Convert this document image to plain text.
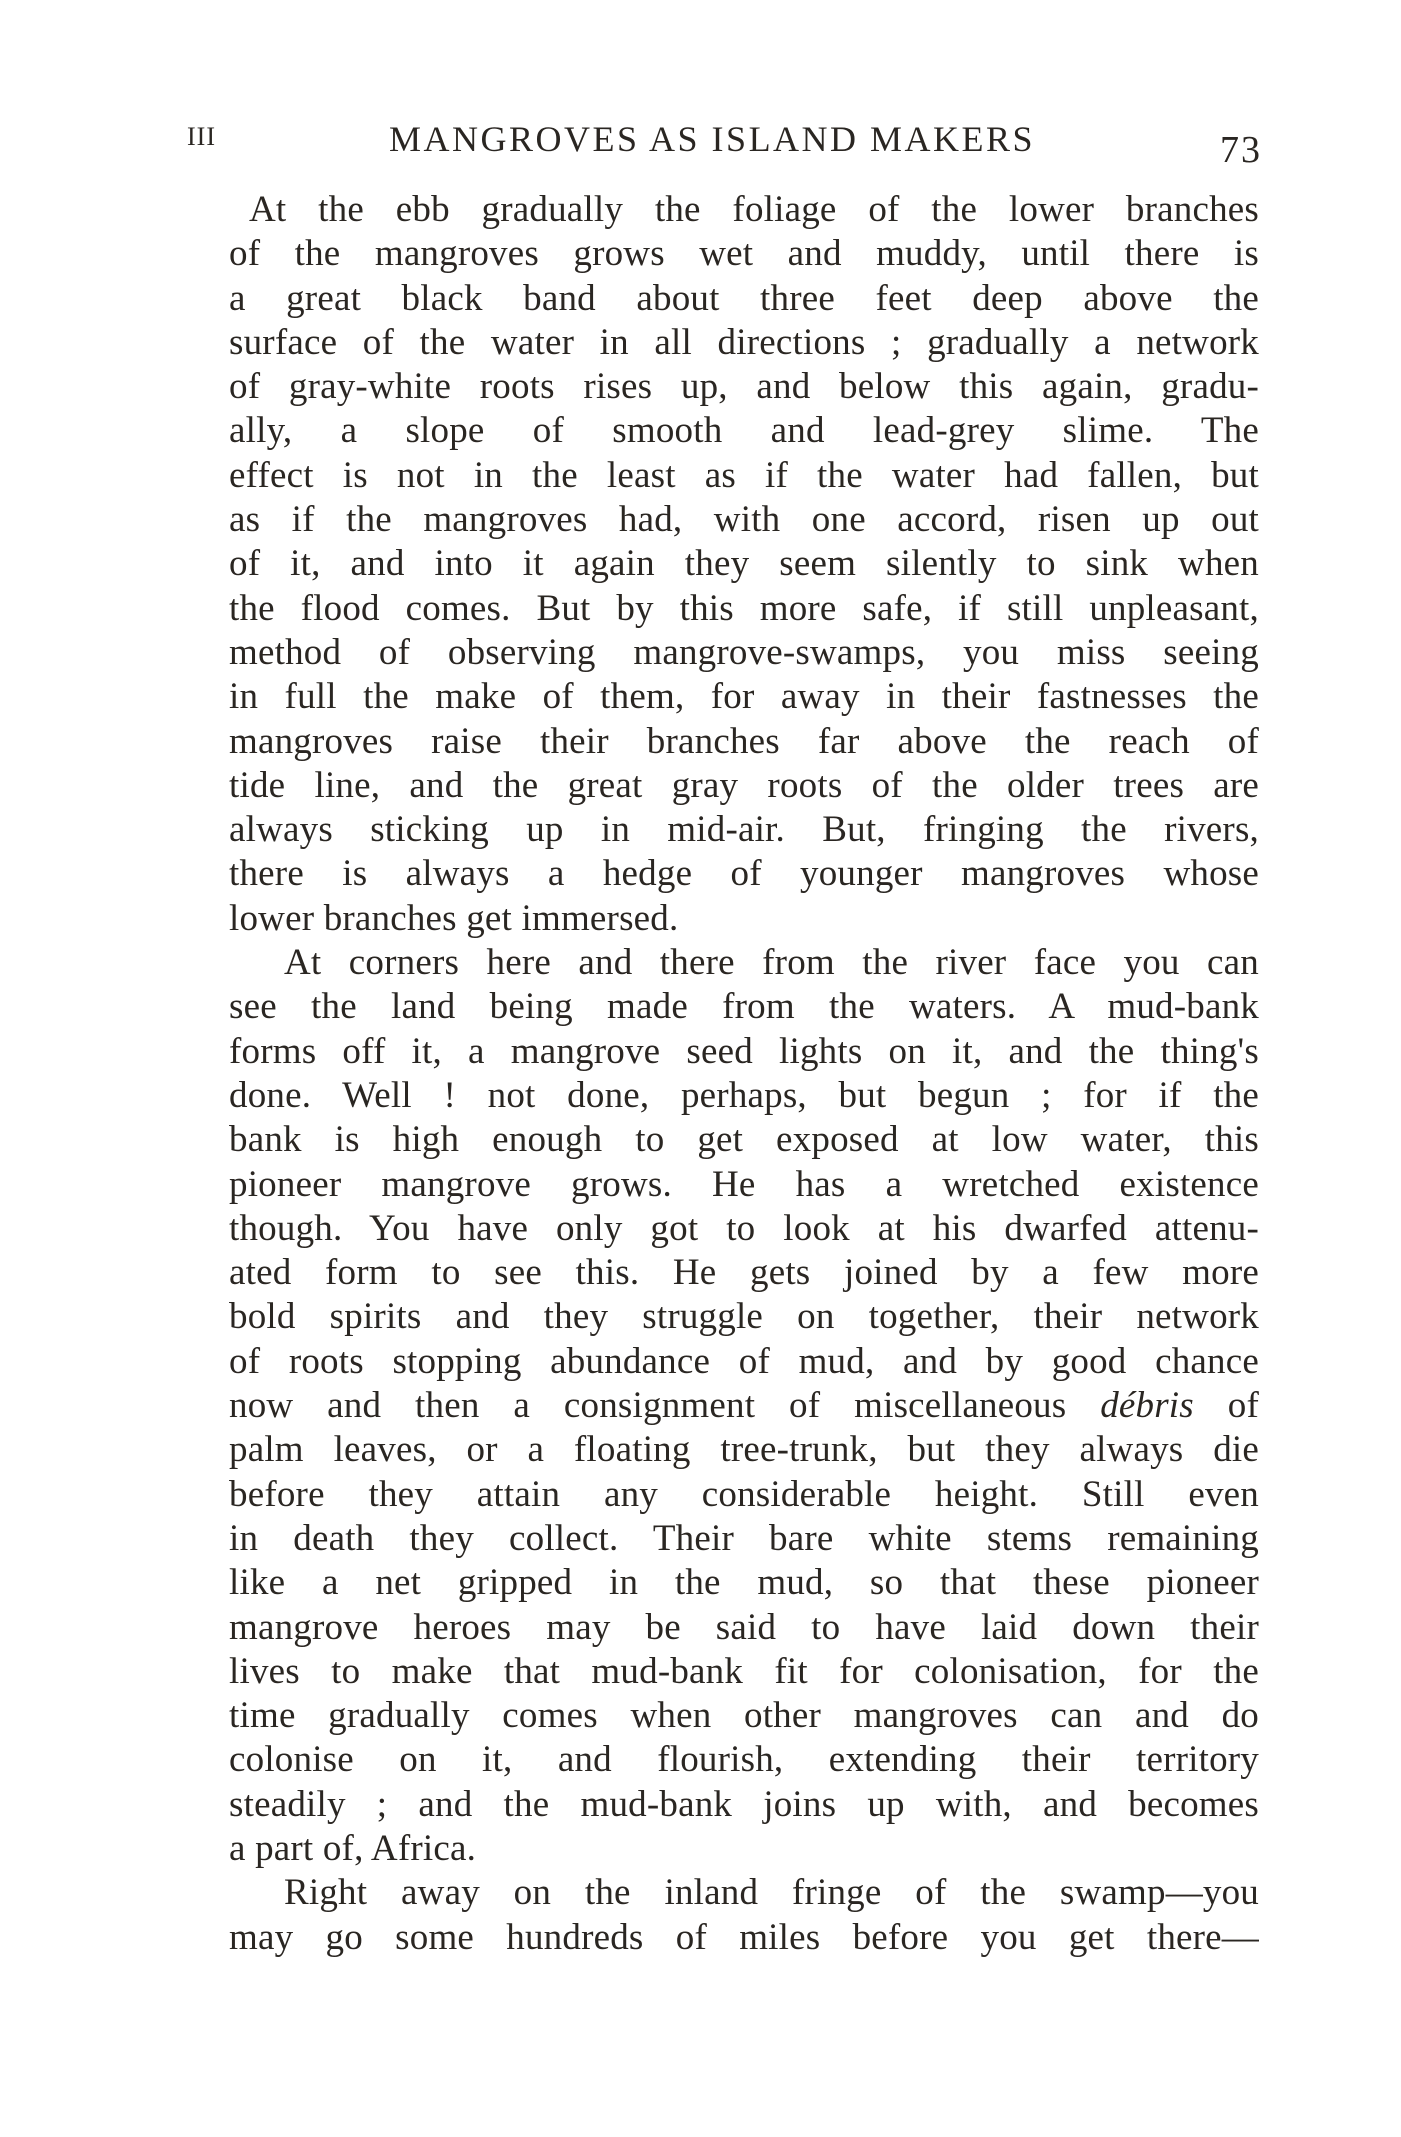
III	MANGROVES AS ISLAND MAKERS	73

At the ebb gradually the foliage of the lower branches
of the mangroves grows wet and muddy, until there is
a great black band about three feet deep above the
surface of the water in all directions ; gradually a network
of gray-white roots rises up, and below this again, gradu-
ally, a slope of smooth and lead-grey slime. The
effect is not in the least as if the water had fallen, but
as if the mangroves had, with one accord, risen up out
of it, and into it again they seem silently to sink when
the flood comes. But by this more safe, if still unpleasant,
method of observing mangrove-swamps, you miss seeing
in full the make of them, for away in their fastnesses the
mangroves raise their branches far above the reach of
tide line, and the great gray roots of the older trees are
always sticking up in mid-air. But, fringing the rivers,
there is always a hedge of younger mangroves whose
lower branches get immersed.

At corners here and there from the river face you can
see the land being made from the waters. A mud-bank
forms off it, a mangrove seed lights on it, and the thing's
done. Well ! not done, perhaps, but begun ; for if the
bank is high enough to get exposed at low water, this
pioneer mangrove grows. He has a wretched existence
though. You have only got to look at his dwarfed attenu-
ated form to see this. He gets joined by a few more
bold spirits and they struggle on together, their network
of roots stopping abundance of mud, and by good chance
now and then a consignment of miscellaneous débris of
palm leaves, or a floating tree-trunk, but they always die
before they attain any considerable height. Still even
in death they collect. Their bare white stems remaining
like a net gripped in the mud, so that these pioneer
mangrove heroes may be said to have laid down their
lives to make that mud-bank fit for colonisation, for the
time gradually comes when other mangroves can and do
colonise on it, and flourish, extending their territory
steadily ; and the mud-bank joins up with, and becomes
a part of, Africa.

Right away on the inland fringe of the swamp—you
may go some hundreds of miles before you get there—
